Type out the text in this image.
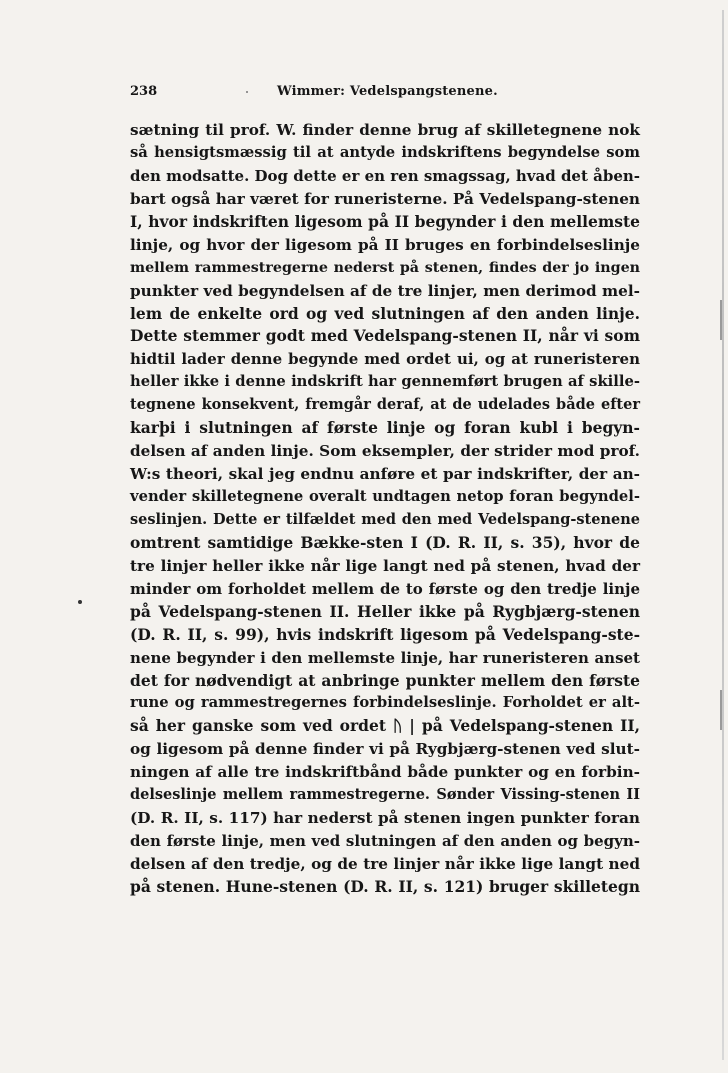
238	Wimmer: Vedelspangstenene.
sætning til prof. W. finder denne brug af skilletegnene nok
så hensigtsmæssig til at antyde indskriftens begyndelse som
den modsatte. Dog dette er en ren smagssag, hvad det åben-
bart også har været for runeristerne. På Vedelspang-stenen
I, hvor indskriften ligesom på II begynder i den mellemste
linje, og hvor der ligesom på II bruges en forbindelseslinje
mellem rammestregerne nederst på stenen, findes der jo ingen
punkter ved begyndelsen af de tre linjer, men derimod mel-
lem de enkelte ord og ved slutningen af den anden linje.
Dette stemmer godt med Vedelspang-stenen II, når vi som
hidtil lader denne begynde med ordet ui, og at runeristeren
heller ikke i denne indskrift har gennemført brugen af skille-
tegnene konsekvent, fremgår deraf, at de udelades både efter
karþi i slutningen af første linje og foran kubl i begyn-
delsen af anden linje. Som eksempler, der strider mod prof.
W:s theori, skal jeg endnu anføre et par indskrifter, der an-
vender skilletegnene overalt undtagen netop foran begyndel-
seslinjen. Dette er tilfældet med den med Vedelspang-stenene
omtrent samtidige Bække-sten I (D. R. II, s. 35), hvor de
tre linjer heller ikke når lige langt ned på stenen, hvad der
minder om forholdet mellem de to første og den tredje linje
på Vedelspang-stenen II. Heller ikke på Rygbjærg-stenen
(D. R. II, s. 99), hvis indskrift ligesom på Vedelspang-ste-
nene begynder i den mellemste linje, har runeristeren anset
det for nødvendigt at anbringe punkter mellem den første
rune og rammestregernes forbindelseslinje. Forholdet er alt-
så her ganske som ved ordet ᚢ | på Vedelspang-stenen II,
og ligesom på denne finder vi på Rygbjærg-stenen ved slut-
ningen af alle tre indskriftbånd både punkter og en forbin-
delseslinje mellem rammestregerne. Sønder Vissing-stenen II
(D. R. II, s. 117) har nederst på stenen ingen punkter foran
den første linje, men ved slutningen af den anden og begyn-
delsen af den tredje, og de tre linjer når ikke lige langt ned
på stenen. Hune-stenen (D. R. II, s. 121) bruger skilletegn
